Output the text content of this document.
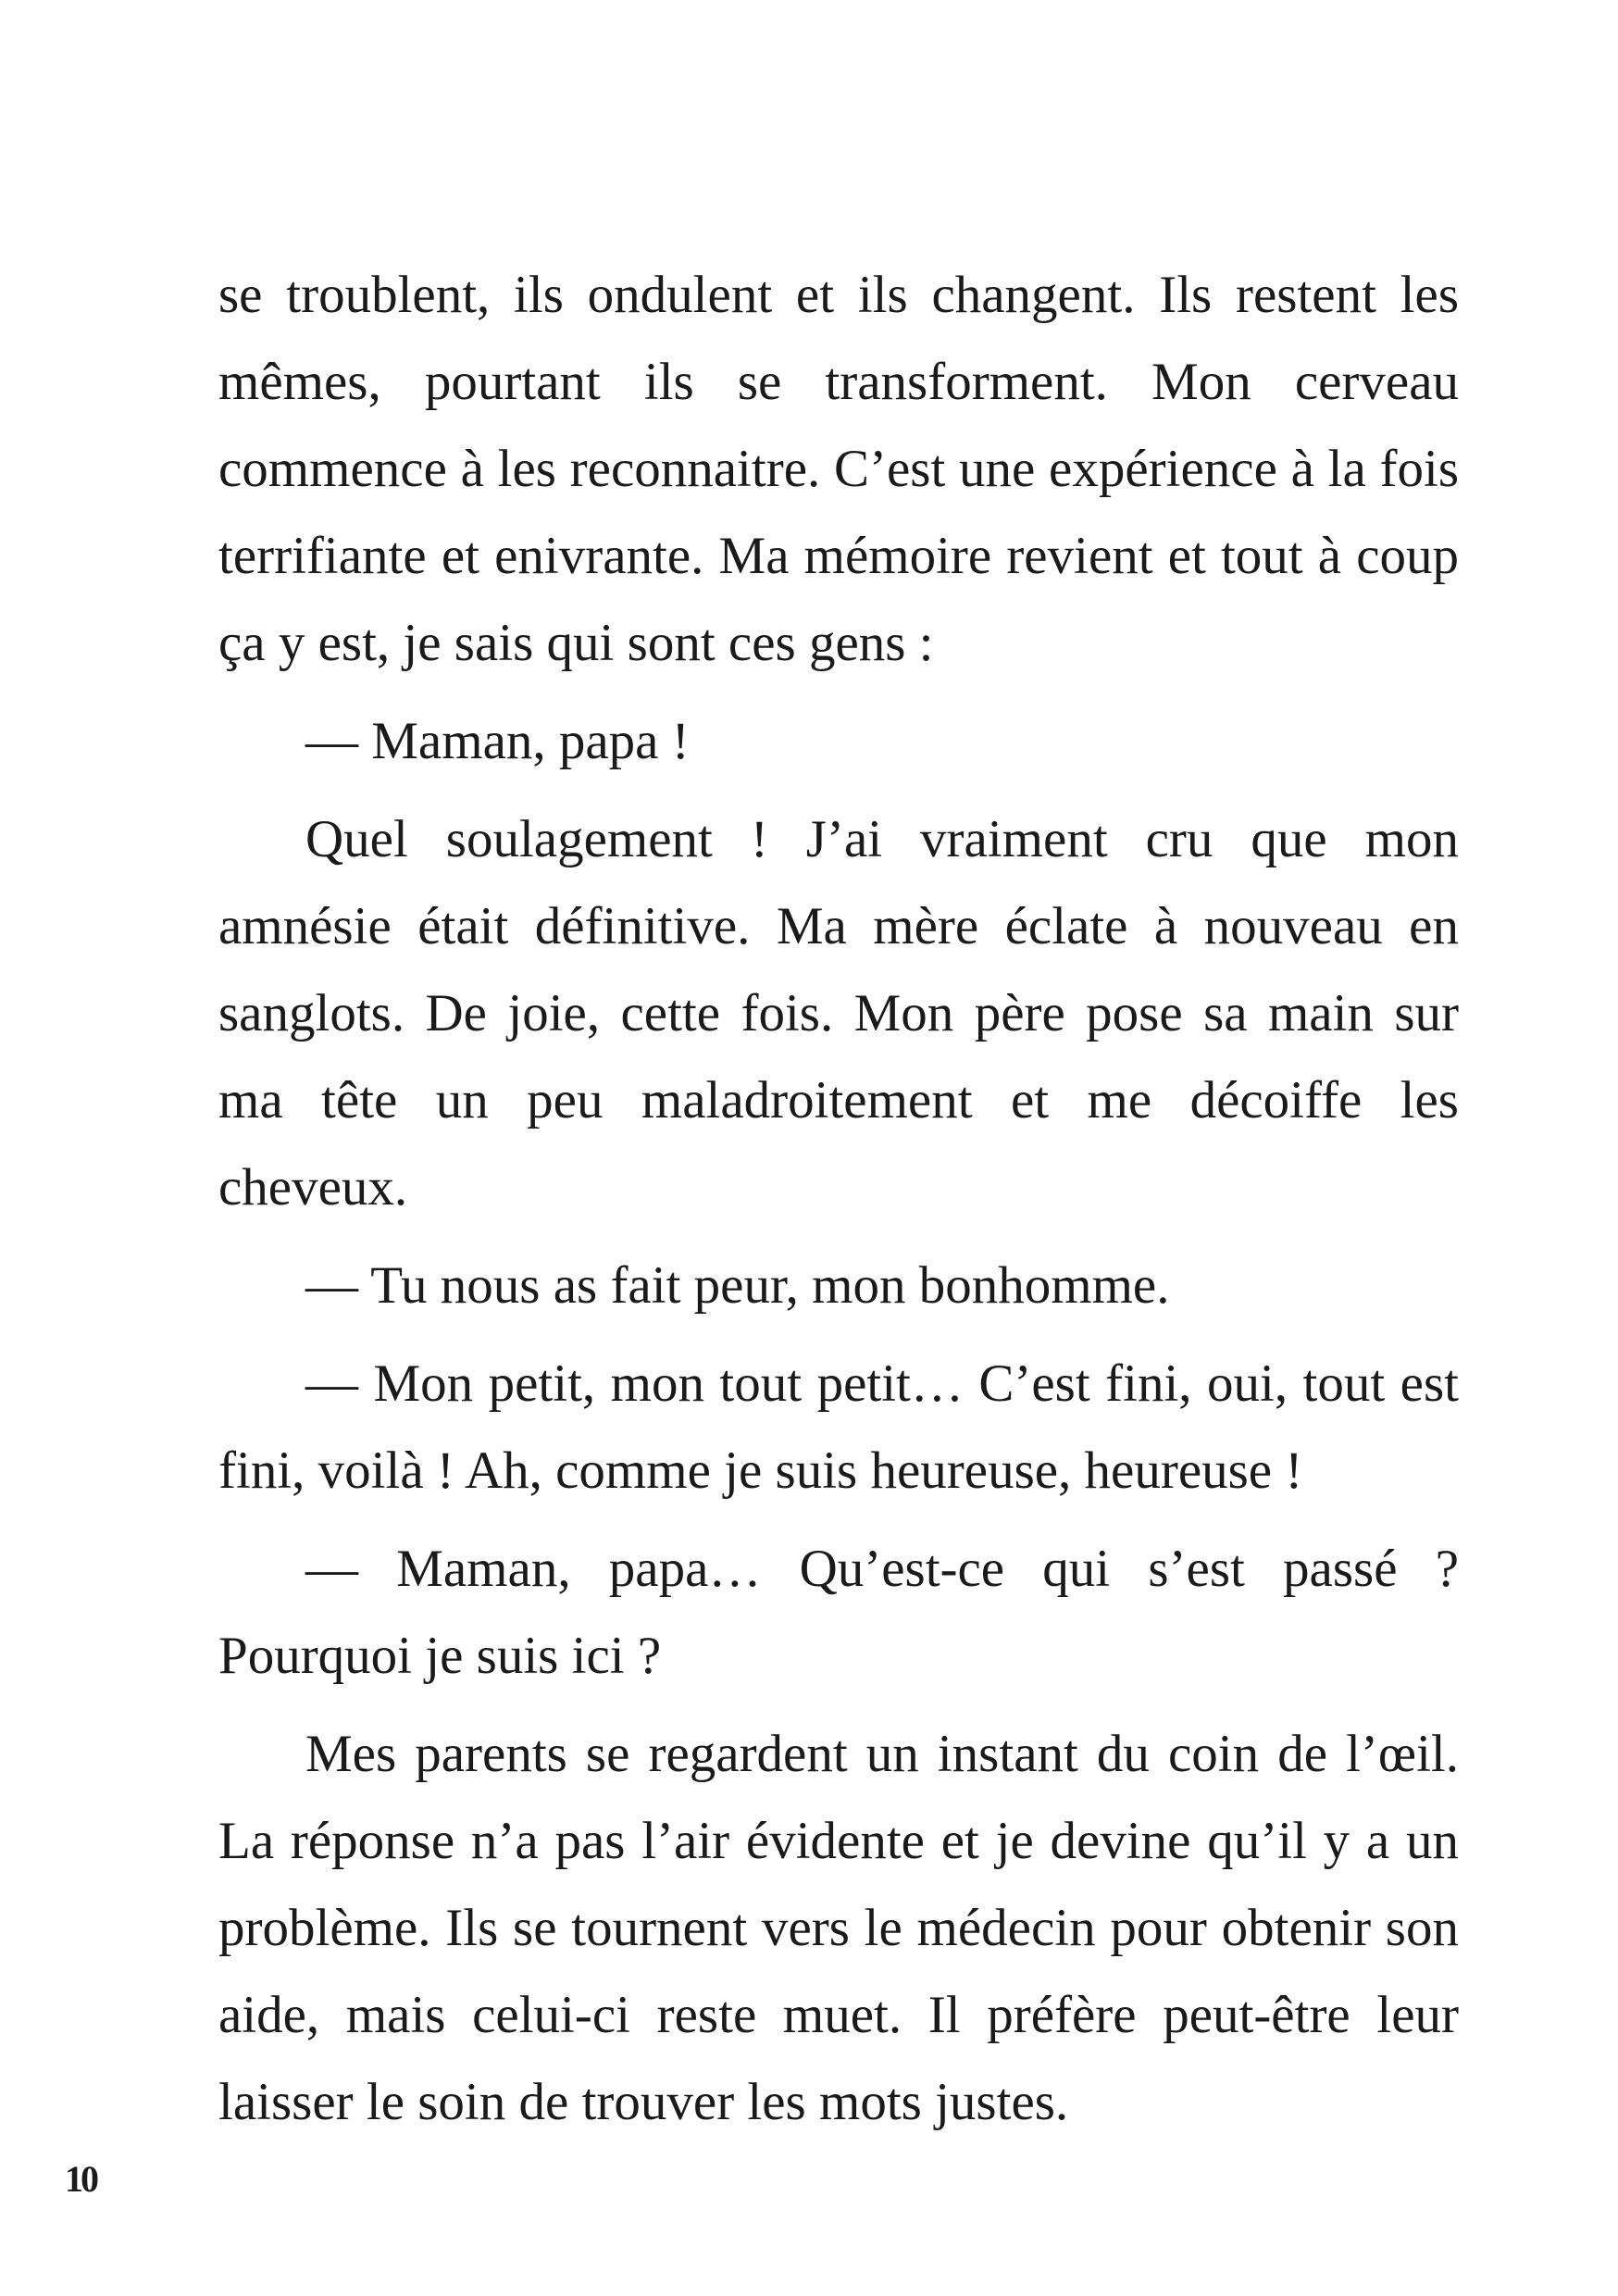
se troublent, ils ondulent et ils changent. Ils restent les mêmes, pourtant ils se transforment. Mon cerveau commence à les reconnaitre. C’est une expérience à la fois terrifiante et enivrante. Ma mémoire revient et tout à coup ça y est, je sais qui sont ces gens :

— Maman, papa !

Quel soulagement ! J’ai vraiment cru que mon amnésie était définitive. Ma mère éclate à nouveau en sanglots. De joie, cette fois. Mon père pose sa main sur ma tête un peu maladroitement et me décoiffe les cheveux.

— Tu nous as fait peur, mon bonhomme.

— Mon petit, mon tout petit… C’est fini, oui, tout est fini, voilà ! Ah, comme je suis heureuse, heureuse !

— Maman, papa… Qu’est-ce qui s’est passé ? Pourquoi je suis ici ?

Mes parents se regardent un instant du coin de l’œil. La réponse n’a pas l’air évidente et je devine qu’il y a un problème. Ils se tournent vers le médecin pour obtenir son aide, mais celui-ci reste muet. Il préfère peut-être leur laisser le soin de trouver les mots justes.

10
